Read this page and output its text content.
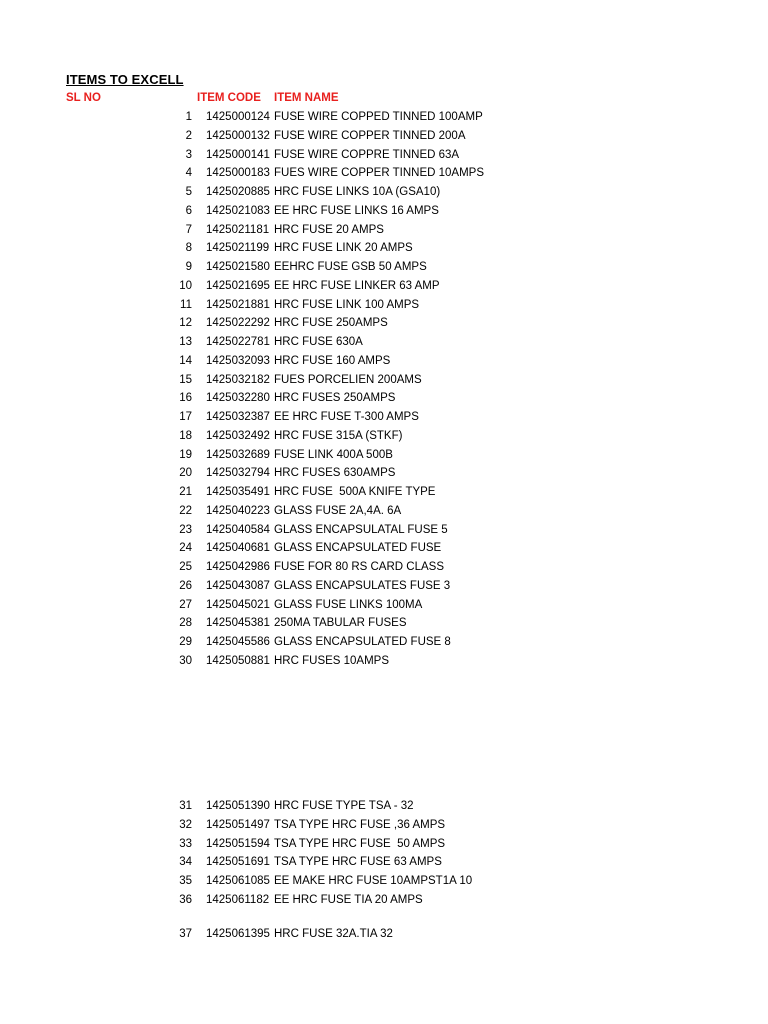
ITEMS TO EXCELL
SL NO	ITEM CODE ITEM NAME
1 1425000124 FUSE WIRE COPPED TINNED 100AMP
2 1425000132 FUSE WIRE COPPER TINNED 200A
3 1425000141 FUSE WIRE COPPRE TINNED 63A
4 1425000183 FUES WIRE COPPER TINNED 10AMPS
5 1425020885 HRC FUSE LINKS 10A (GSA10)
6 1425021083 EE HRC FUSE LINKS 16 AMPS
7 1425021181 HRC FUSE 20 AMPS
8 1425021199 HRC FUSE LINK 20 AMPS
9 1425021580 EEHRC FUSE GSB 50 AMPS
10 1425021695 EE HRC FUSE LINKER 63 AMP
11 1425021881 HRC FUSE LINK 100 AMPS
12 1425022292 HRC FUSE 250AMPS
13 1425022781 HRC FUSE 630A
14 1425032093 HRC FUSE 160 AMPS
15 1425032182 FUES PORCELIEN 200AMS
16 1425032280 HRC FUSES 250AMPS
17 1425032387 EE HRC FUSE T-300 AMPS
18 1425032492 HRC FUSE 315A (STKF)
19 1425032689 FUSE LINK 400A 500B
20 1425032794 HRC FUSES 630AMPS
21 1425035491 HRC FUSE  500A KNIFE TYPE
22 1425040223 GLASS FUSE 2A,4A. 6A
23 1425040584 GLASS ENCAPSULATAL FUSE 5
24 1425040681 GLASS ENCAPSULATED FUSE
25 1425042986 FUSE FOR 80 RS CARD CLASS
26 1425043087 GLASS ENCAPSULATES FUSE 3
27 1425045021 GLASS FUSE LINKS 100MA
28 1425045381 250MA TABULAR FUSES
29 1425045586 GLASS ENCAPSULATED FUSE 8
30 1425050881 HRC FUSES 10AMPS
31 1425051390 HRC FUSE TYPE TSA - 32
32 1425051497 TSA TYPE HRC FUSE ,36 AMPS
33 1425051594 TSA TYPE HRC FUSE  50 AMPS
34 1425051691 TSA TYPE HRC FUSE 63 AMPS
35 1425061085 EE MAKE HRC FUSE 10AMPST1A 10
36 1425061182 EE HRC FUSE TIA 20 AMPS
37 1425061395 HRC FUSE 32A.TIA 32
